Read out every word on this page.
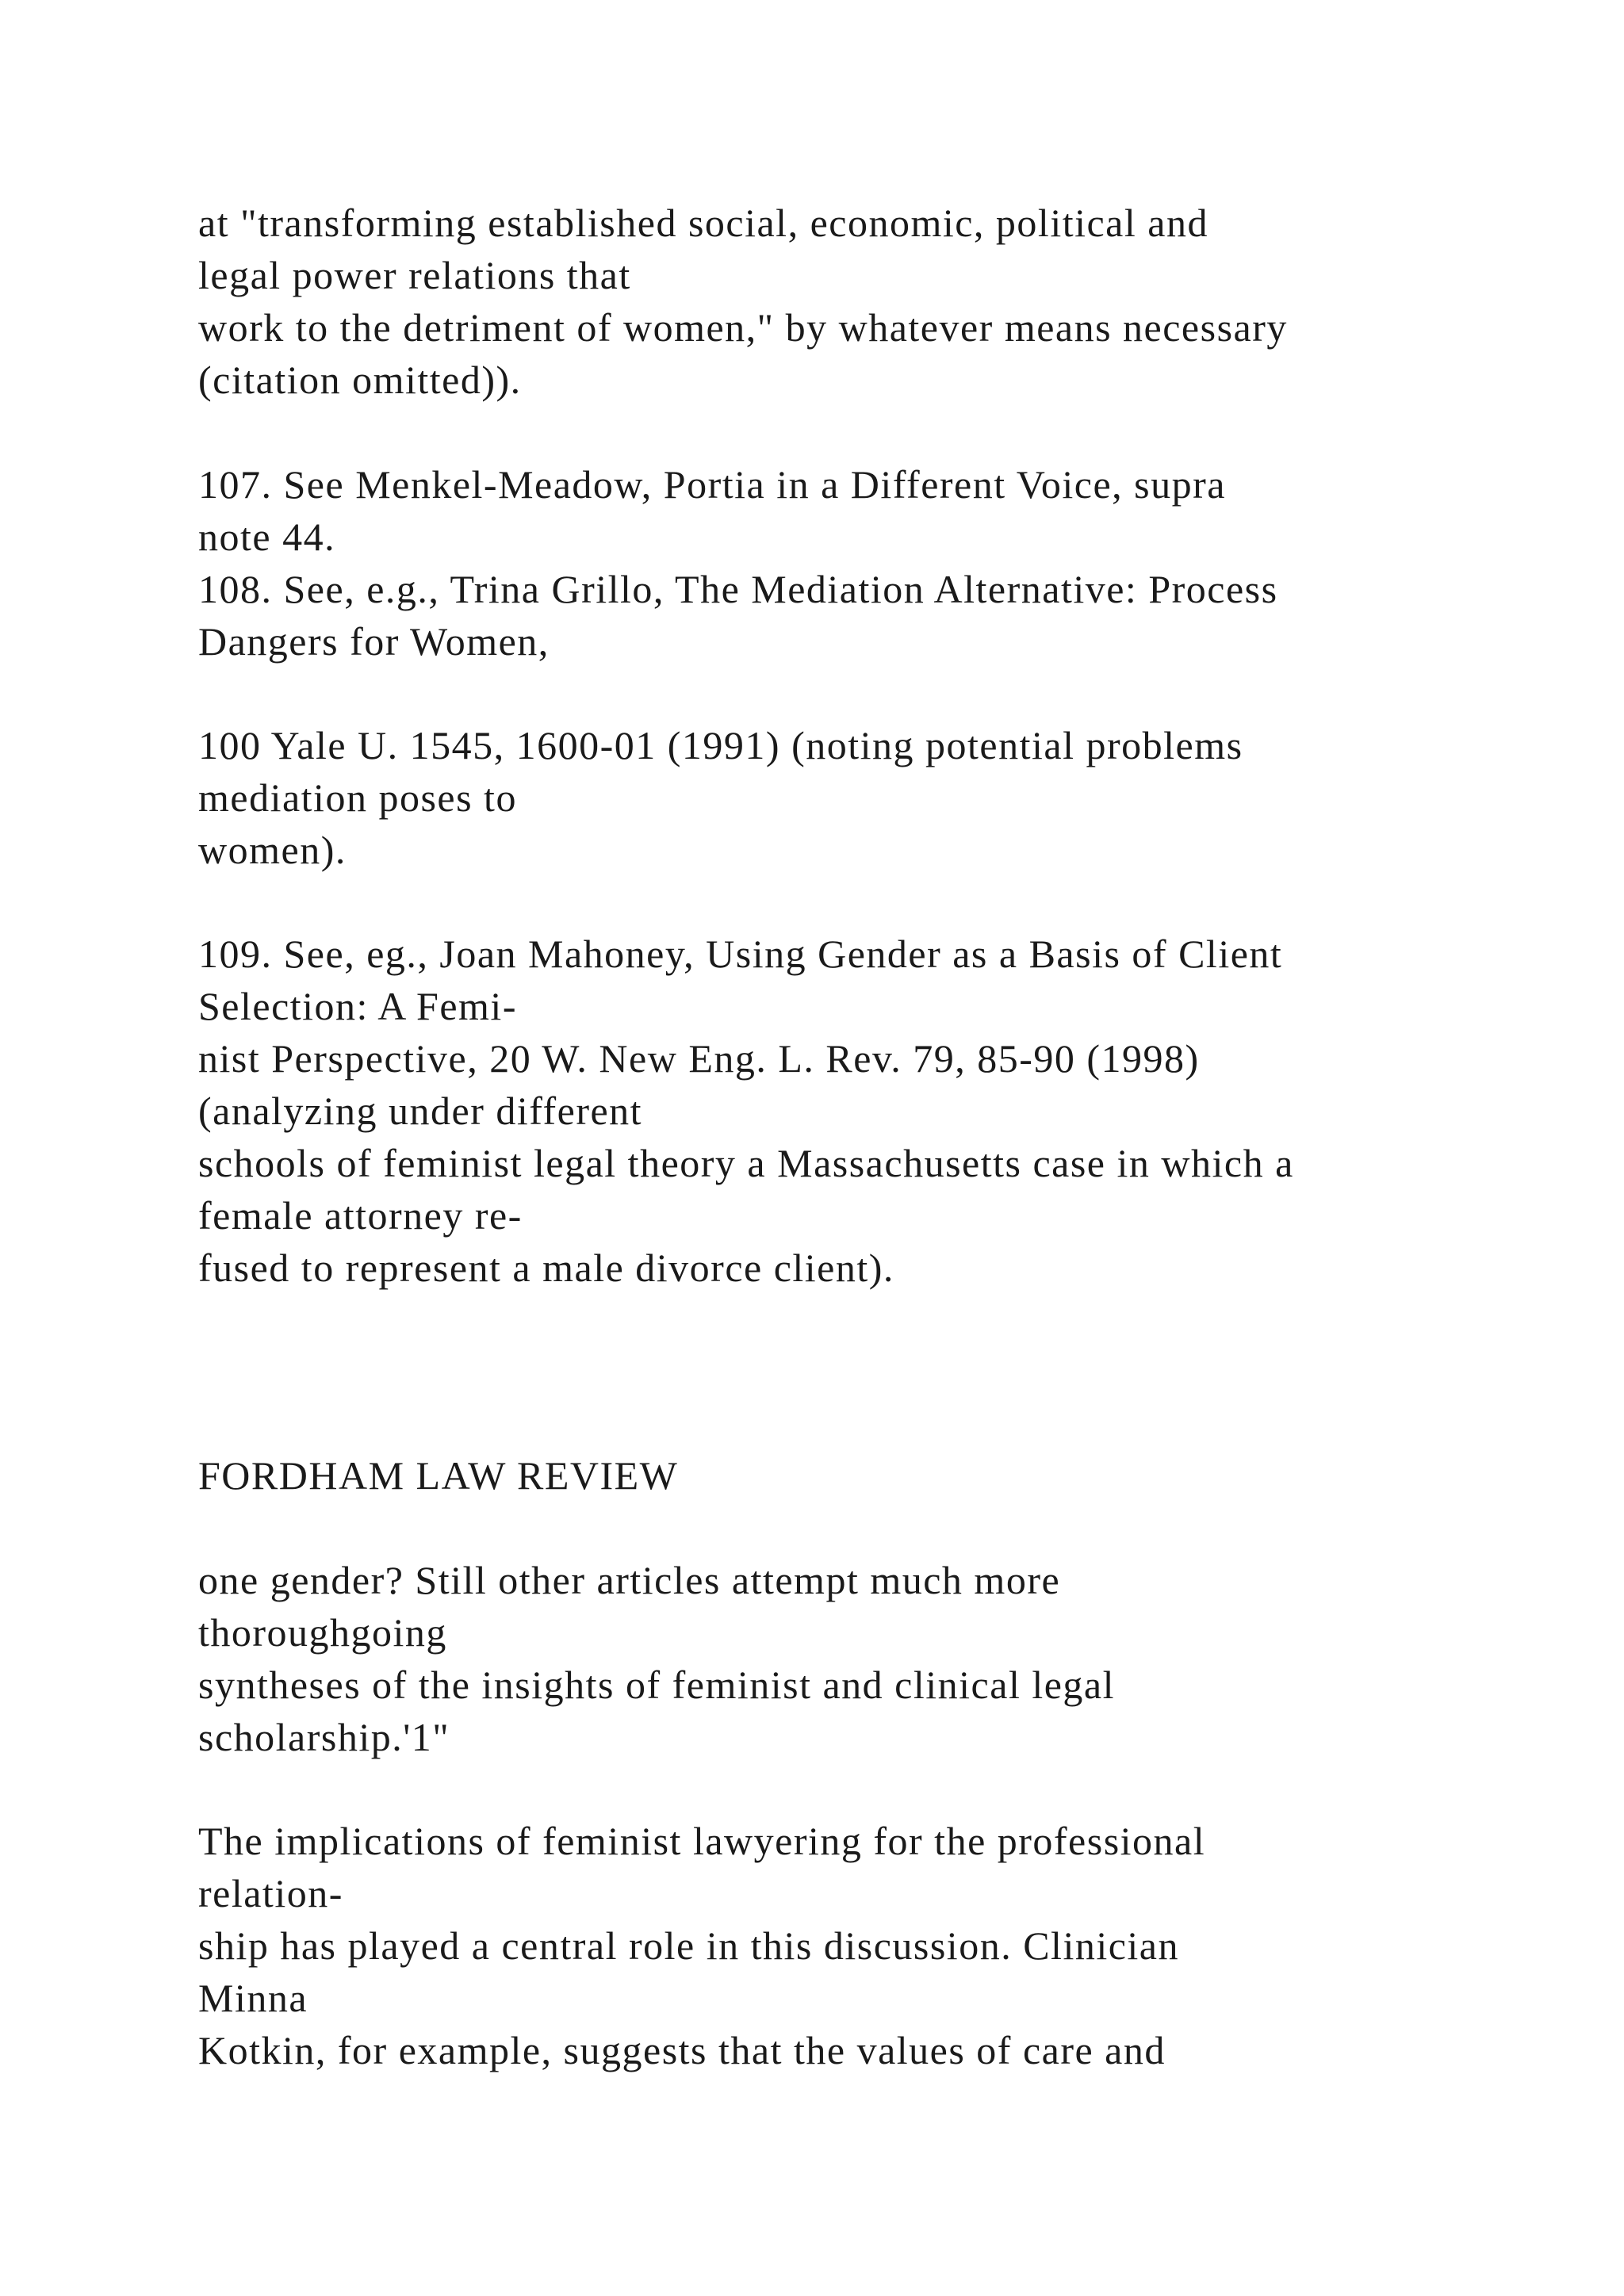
at "transforming established social, economic, political and
legal power relations that
work to the detriment of women," by whatever means necessary
(citation omitted)).
107. See Menkel-Meadow, Portia in a Different Voice, supra
note 44.
108. See, e.g., Trina Grillo, The Mediation Alternative: Process
Dangers for Women,
100 Yale U. 1545, 1600-01 (1991) (noting potential problems
mediation poses to
women).
109. See, eg., Joan Mahoney, Using Gender as a Basis of Client
Selection: A Femi-
nist Perspective, 20 W. New Eng. L. Rev. 79, 85-90 (1998)
(analyzing under different
schools of feminist legal theory a Massachusetts case in which a
female attorney re-
fused to represent a male divorce client).
FORDHAM LAW REVIEW
one gender? Still other articles attempt much more
thoroughgoing
syntheses of the insights of feminist and clinical legal
scholarship.'1"
The implications of feminist lawyering for the professional
relation-
ship has played a central role in this discussion. Clinician
Minna
Kotkin, for example, suggests that the values of care and
